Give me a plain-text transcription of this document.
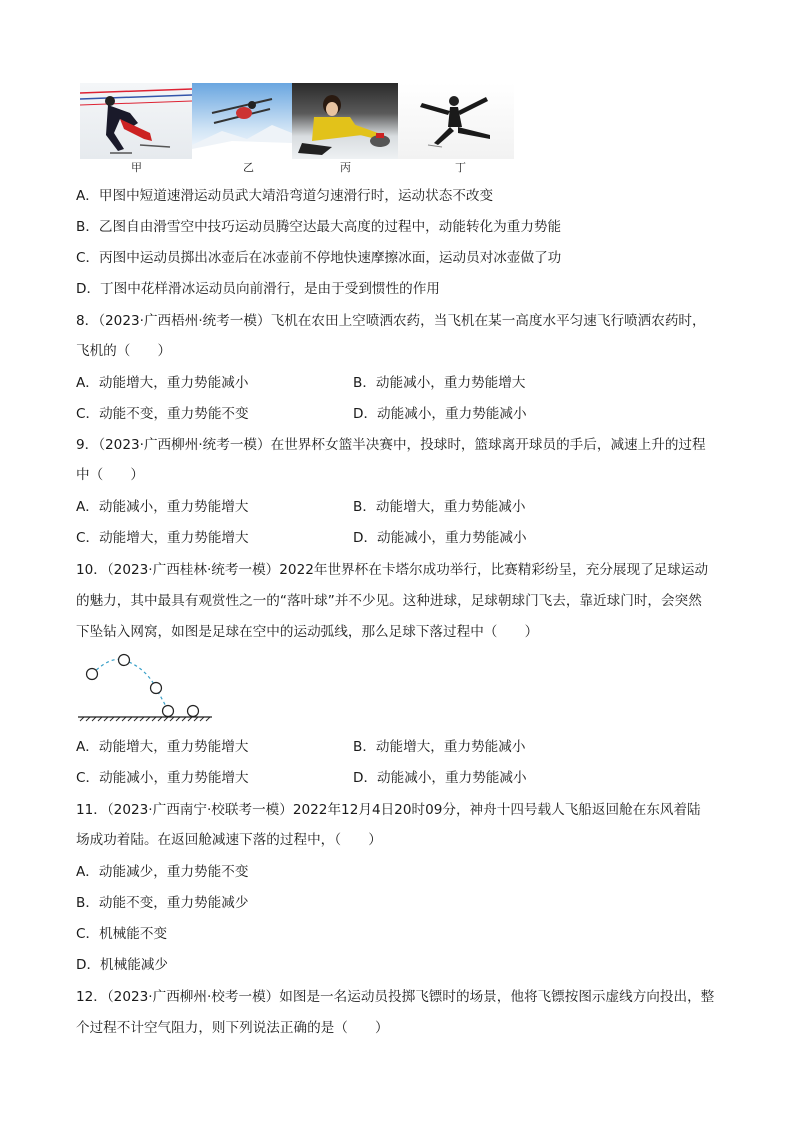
甲	乙	丙	丁
A．甲图中短道速滑运动员武大靖沿弯道匀速滑行时，运动状态不改变
B．乙图自由滑雪空中技巧运动员腾空达最大高度的过程中，动能转化为重力势能
C．丙图中运动员掷出冰壶后在冰壶前不停地快速摩擦冰面，运动员对冰壶做了功
D．丁图中花样滑冰运动员向前滑行，是由于受到惯性的作用
8．（2023·广西梧州·统考一模）飞机在农田上空喷洒农药，当飞机在某一高度水平匀速飞行喷洒农药时，
飞机的（　　）
A．动能增大，重力势能减小	B．动能减小，重力势能增大
C．动能不变，重力势能不变	D．动能减小，重力势能减小
9．（2023·广西柳州·统考一模）在世界杯女篮半决赛中，投球时，篮球离开球员的手后，减速上升的过程
中（　　）
A．动能减小，重力势能增大	B．动能增大，重力势能减小
C．动能增大，重力势能增大	D．动能减小，重力势能减小
10．（2023·广西桂林·统考一模）2022年世界杯在卡塔尔成功举行，比赛精彩纷呈，充分展现了足球运动
的魅力，其中最具有观赏性之一的“落叶球”并不少见。这种进球，足球朝球门飞去，靠近球门时，会突然
下坠钻入网窝，如图是足球在空中的运动弧线，那么足球下落过程中（　　）
A．动能增大，重力势能增大	B．动能增大，重力势能减小
C．动能减小，重力势能增大	D．动能减小，重力势能减小
11．（2023·广西南宁·校联考一模）2022年12月4日20时09分，神舟十四号载人飞船返回舱在东风着陆
场成功着陆。在返回舱减速下落的过程中，（　　）
A．动能减少，重力势能不变
B．动能不变，重力势能减少
C．机械能不变
D．机械能减少
12．（2023·广西柳州·校考一模）如图是一名运动员投掷飞镖时的场景，他将飞镖按图示虚线方向投出，整
个过程不计空气阻力，则下列说法正确的是（　　）
